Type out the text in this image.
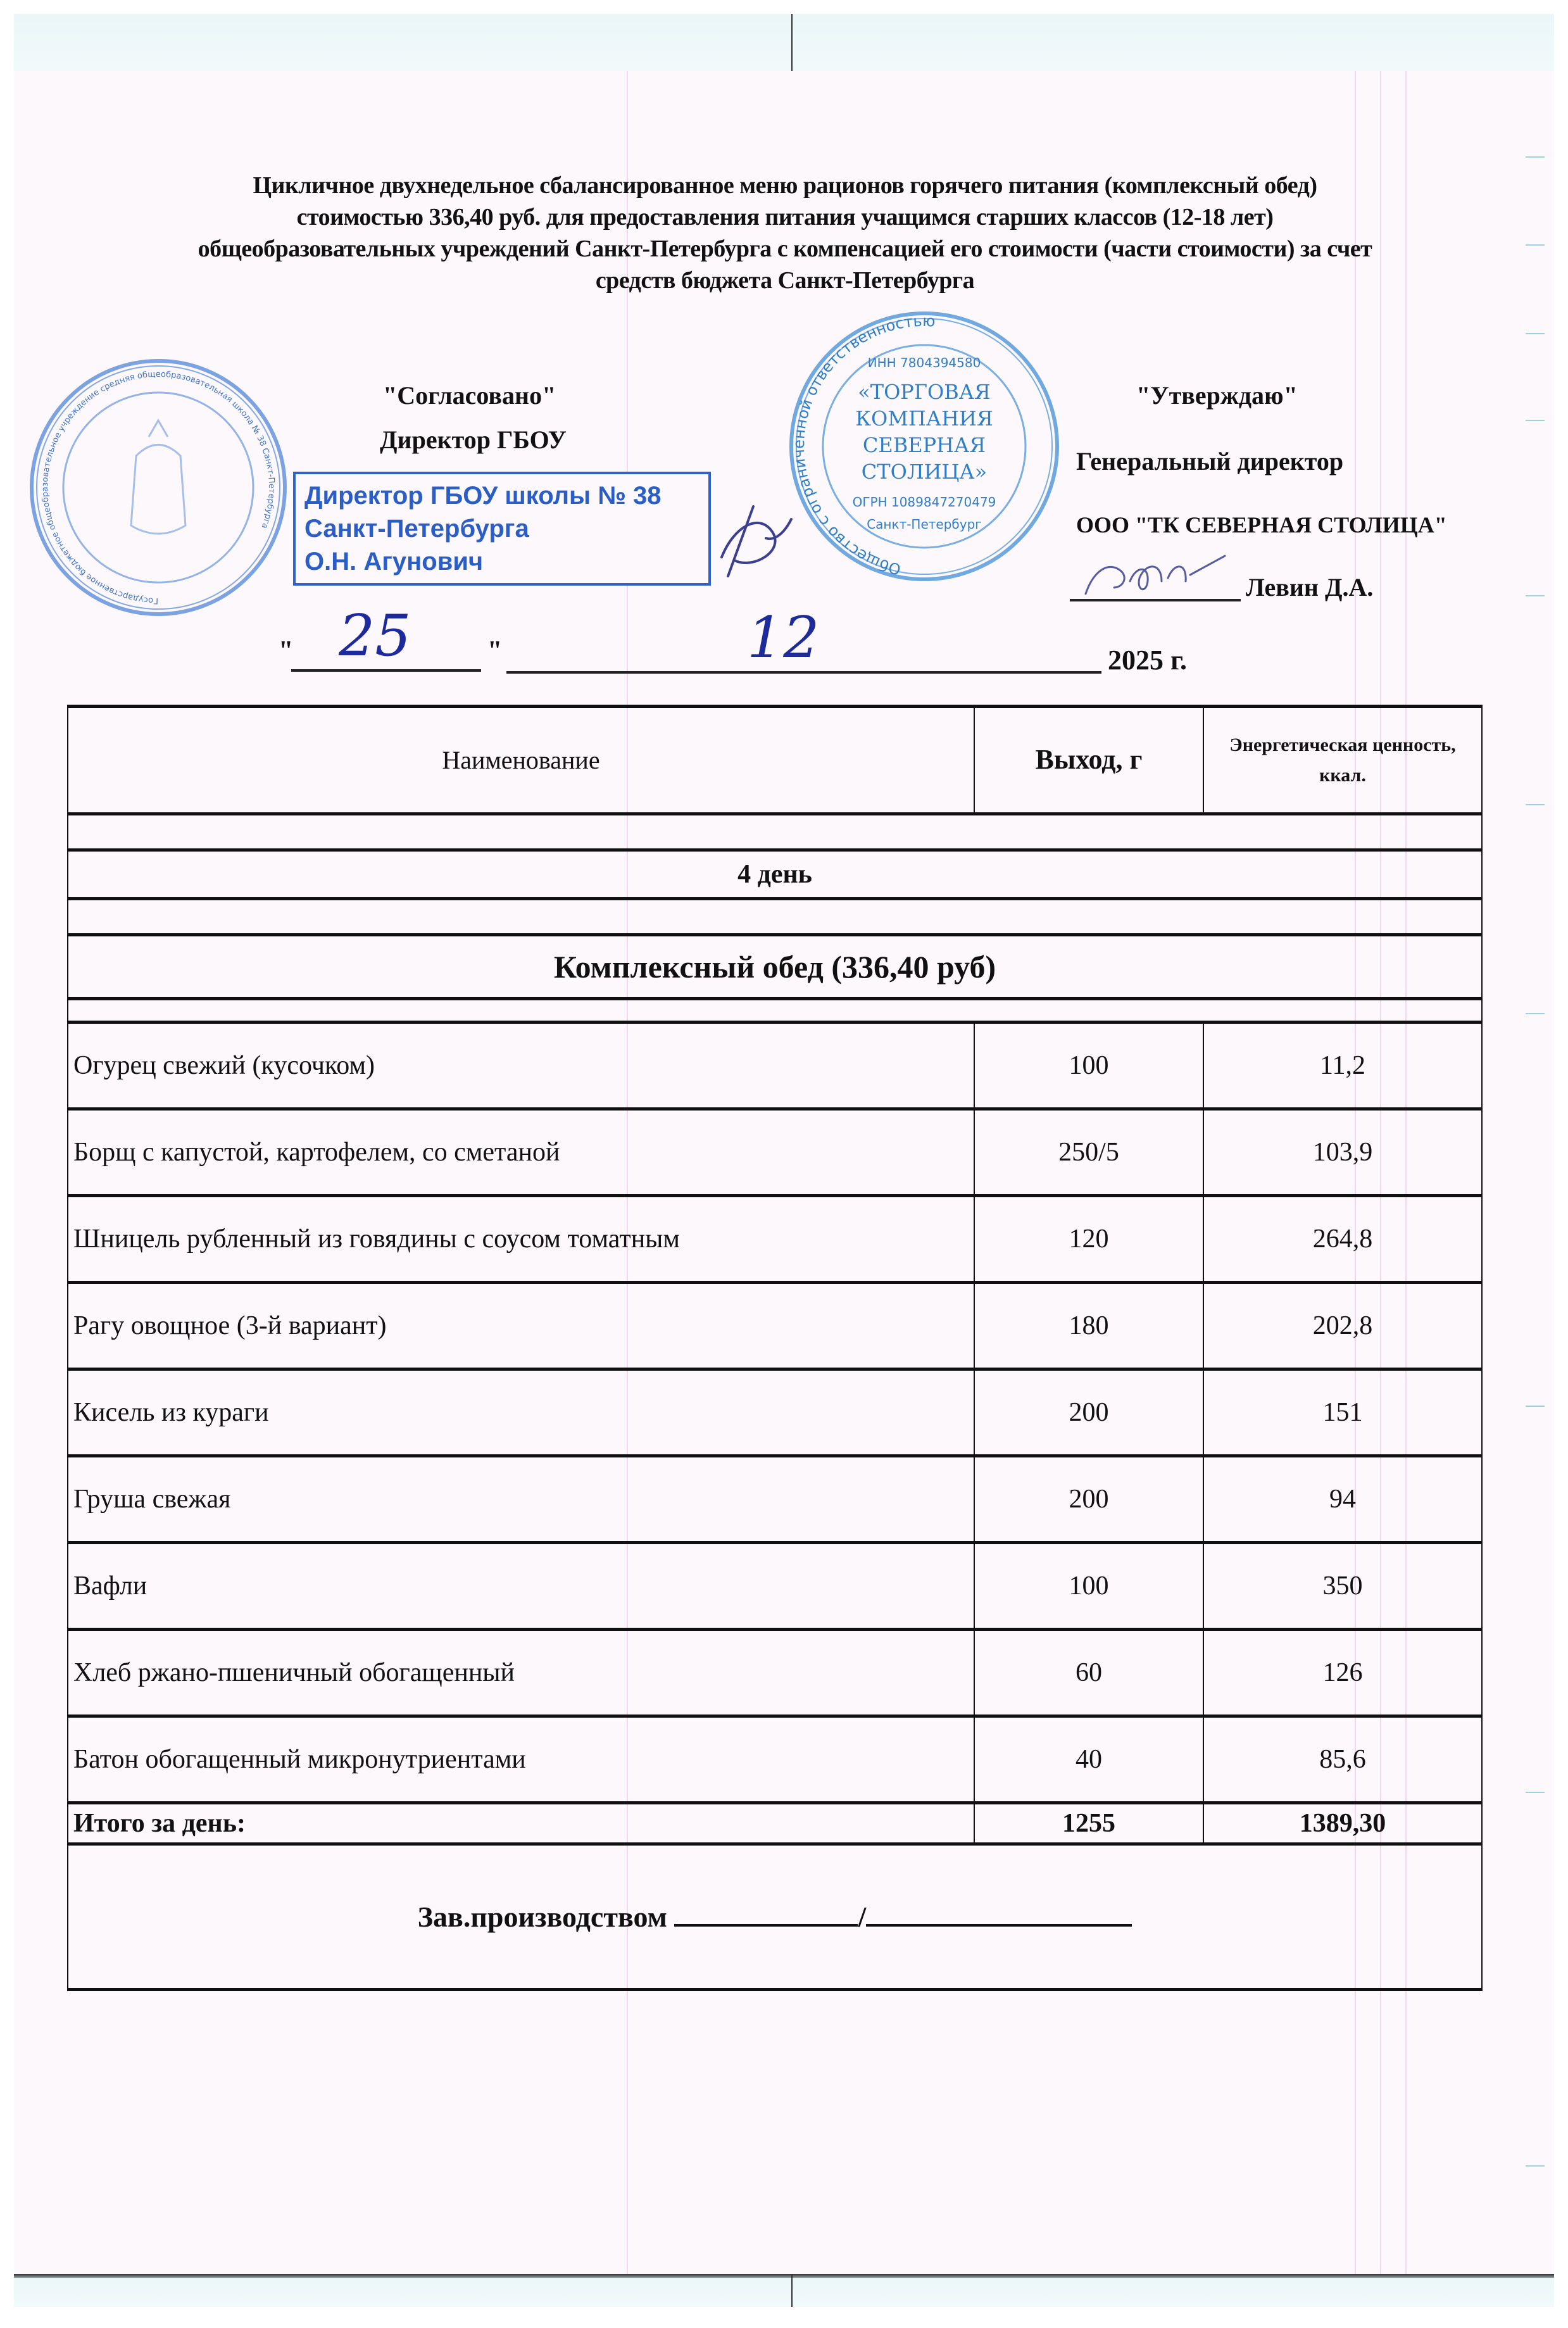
Цикличное двухнедельное сбалансированное меню рационов горячего питания (комплексный обед)
стоимостью 336,40 руб. для предоставления питания учащимся старших классов (12-18 лет)
общеобразовательных учреждений Санкт-Петербурга с компенсацией его стоимости (части стоимости) за счет
средств бюджета Санкт-Петербурга
Государственное бюджетное общеобразовательное учреждение средняя общеобразовательная школа № 38 Санкт-Петербурга
"Согласовано"
Директор ГБОУ
Директор ГБОУ школы № 38
Санкт-Петербурга
О.Н. Агунович	Общество с ограниченной ответственностью
ИНН 7804394580
«ТОРГОВАЯ
КОМПАНИЯ
СЕВЕРНАЯ
СТОЛИЦА»
ОГРН 1089847270479
Санкт-Петербург
"Утверждаю"
Генеральный директор
ООО "ТК СЕВЕРНАЯ СТОЛИЦА"
Левин Д.А.
" 25	"	12	2025 г.
Наименование	Выход, г	Энергетическая ценность, ккал.

4 день		

Комплексный обед (336,40 руб)		

Огурец свежий (кусочком)	100	11,2
Борщ с капустой, картофелем, со сметаной	250/5	103,9
Шницель рубленный из говядины с соусом томатным	120	264,8
Рагу овощное (3-й вариант)	180	202,8
Кисель из кураги	200	151
Груша свежая	200	94
Вафли	100	350
Хлеб ржано-пшеничный обогащенный	60	126
Батон обогащенный микронутриентами	40	85,6
Итого за день:	1255	1389,30
Зав.производством /		
